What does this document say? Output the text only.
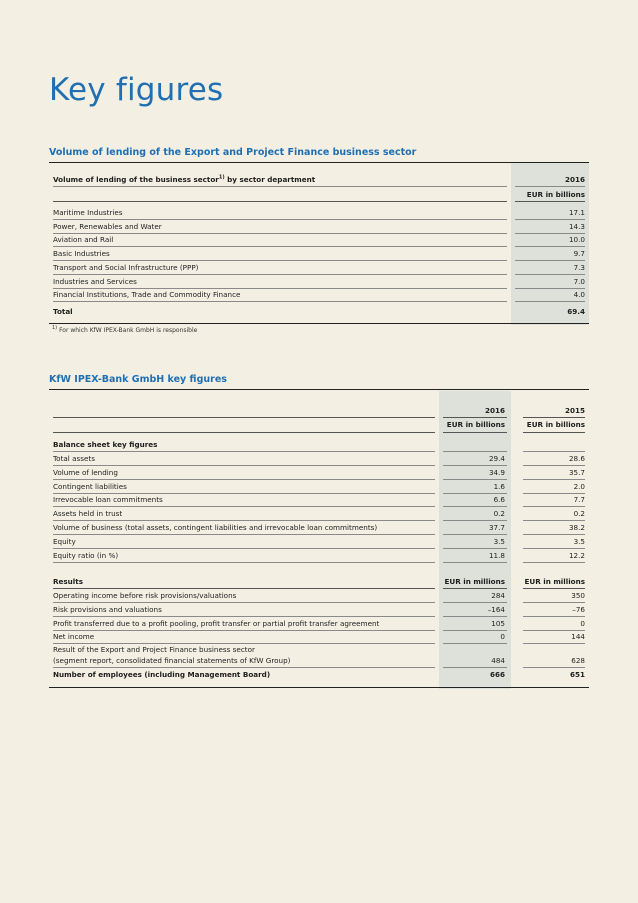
Key figures
Volume of lending of the Export and Project Finance business sector
Volume of lending of the business sector$^{1)}$ by sector department	2016
EUR in billions
Maritime Industries	17.1
Power, Renewables and Water	14.3
Aviation and Rail	10.0
Basic Industries	9.7
Transport and Social Infrastructure (PPP)	7.3
Industries and Services	7.0
Financial Institutions, Trade and Commodity Finance	4.0
Total	69.4
$^{1)}$ For which KfW IPEX-Bank GmbH is responsible
KfW IPEX-Bank GmbH key figures
2016	2015
EUR in billions	EUR in billions
Balance sheet key figures
Total assets	29.4	28.6
Volume of lending	34.9	35.7
Contingent liabilities	1.6	2.0
Irrevocable loan commitments	6.6	7.7
Assets held in trust	0.2	0.2
Volume of business (total assets, contingent liabilities and irrevocable loan commitments)	37.7	38.2
Equity	3.5	3.5
Equity ratio (in %)	11.8	12.2
Results	EUR in millions	EUR in millions
Operating income before risk provisions/valuations	284	350
Risk provisions and valuations	–164	–76
Profit transferred due to a profit pooling, profit transfer or partial profit transfer agreement	105	0
Net income	0	144
Result of the Export and Project Finance business sector
(segment report, consolidated financial statements of KfW Group)	484	628
Number of employees (including Management Board)	666	651
